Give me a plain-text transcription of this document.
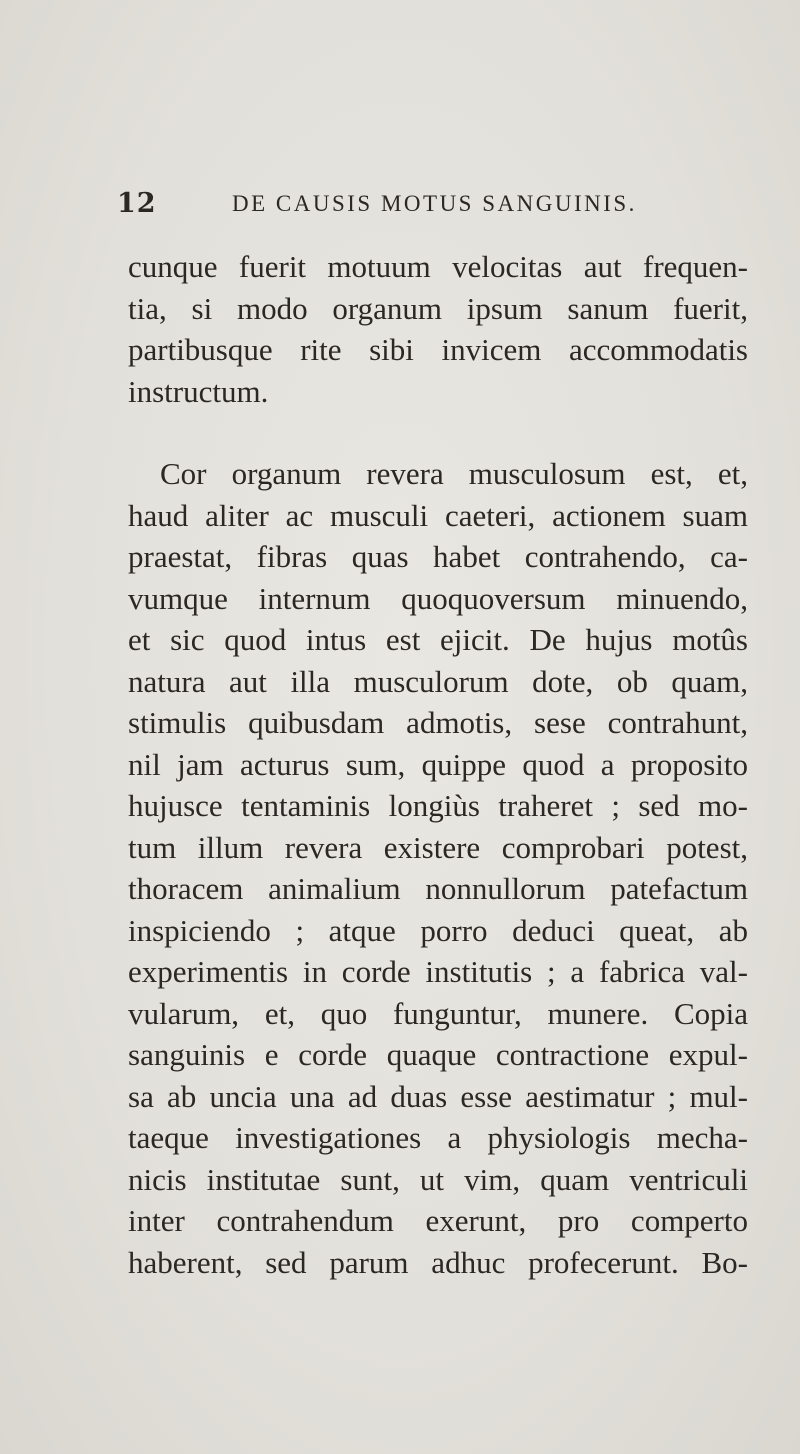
12	DE CAUSIS MOTUS SANGUINIS.
cunque fuerit motuum velocitas aut frequen-
tia, si modo organum ipsum sanum fuerit,
partibusque rite sibi invicem accommodatis
instructum.
Cor organum revera musculosum est, et,
haud aliter ac musculi caeteri, actionem suam
praestat, fibras quas habet contrahendo, ca-
vumque internum quoquoversum minuendo,
et sic quod intus est ejicit. De hujus motûs
natura aut illa musculorum dote, ob quam,
stimulis quibusdam admotis, sese contrahunt,
nil jam acturus sum, quippe quod a proposito
hujusce tentaminis longiùs traheret ; sed mo-
tum illum revera existere comprobari potest,
thoracem animalium nonnullorum patefactum
inspiciendo ; atque porro deduci queat, ab
experimentis in corde institutis ; a fabrica val-
vularum, et, quo funguntur, munere. Copia
sanguinis e corde quaque contractione expul-
sa ab uncia una ad duas esse aestimatur ; mul-
taeque investigationes a physiologis mecha-
nicis institutae sunt, ut vim, quam ventriculi
inter contrahendum exerunt, pro comperto
haberent, sed parum adhuc profecerunt. Bo-
